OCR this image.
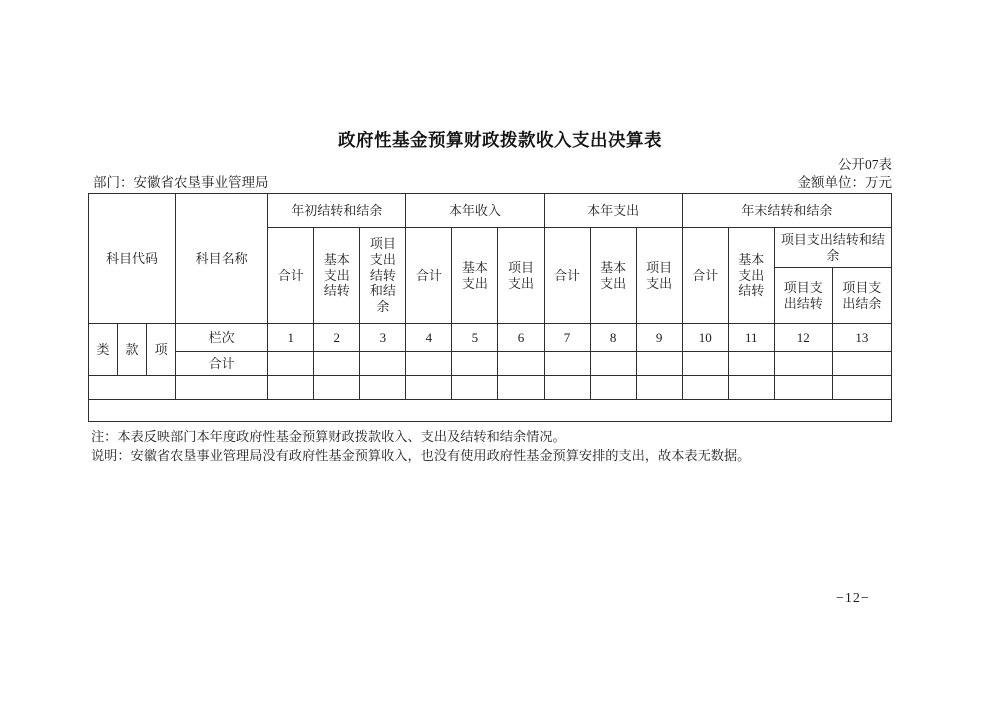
政府性基金预算财政拨款收入支出决算表
公开07表
部门：安徽省农垦事业管理局	金额单位：万元
科目代码			科目名称	年初结转和结余			本年收入			本年支出			年末结转和结余			
				合计	基本支出结转	项目支出结转和结余	合计	基本支出	项目支出	合计	基本支出	项目支出	合计	基本支出结转	项目支出结转和结余	
															项目支出结转	项目支出结余
类	款	项	栏次	1	2	3	4	5	6	7	8	9	10	11	12	13
			合计													

注：本表反映部门本年度政府性基金预算财政拨款收入、支出及结转和结余情况。
说明：安徽省农垦事业管理局没有政府性基金预算收入，也没有使用政府性基金预算安排的支出，故本表无数据。
−12−
